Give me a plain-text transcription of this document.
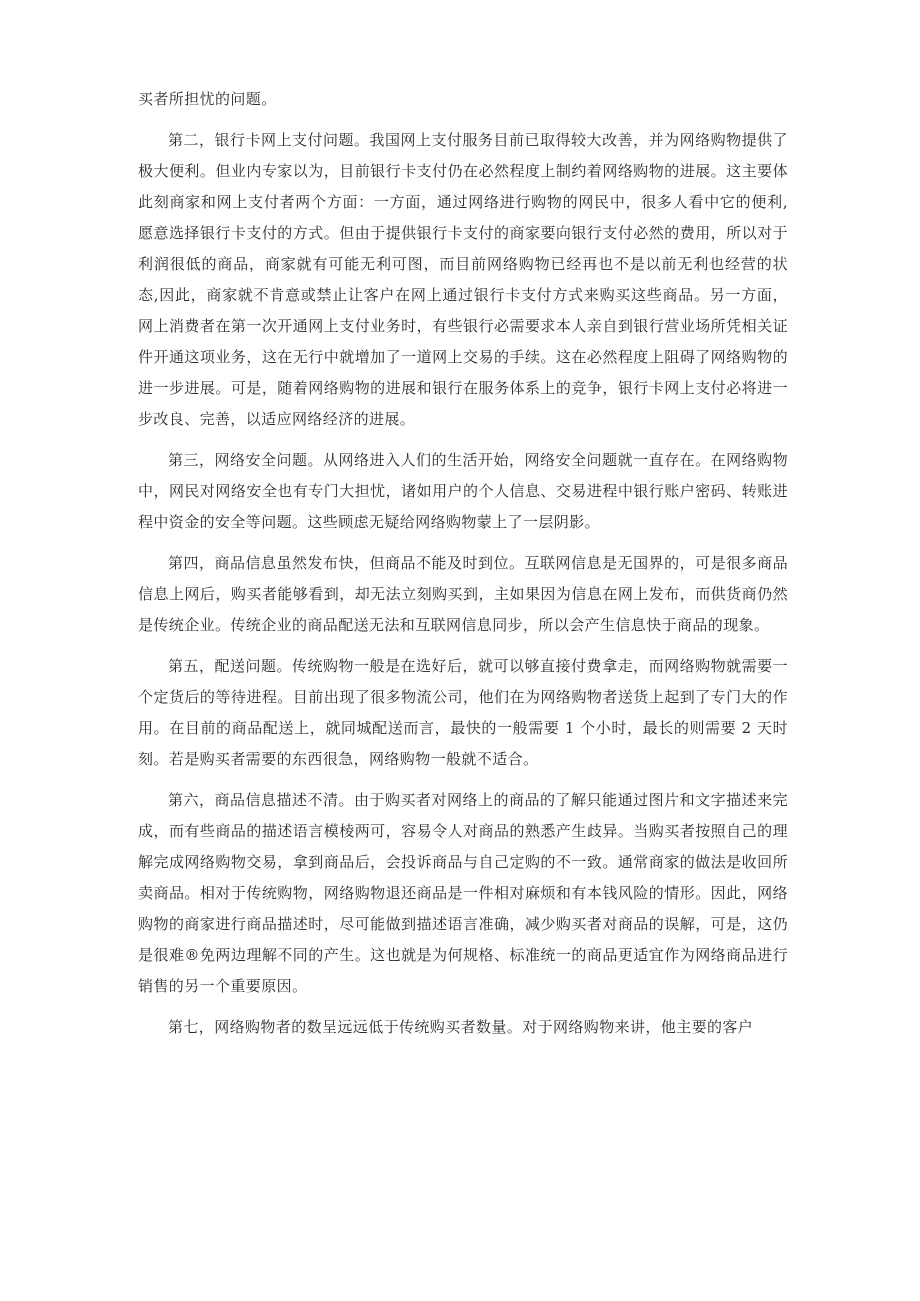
买者所担忧的问题。

第二，银行卡网上支付问题。我国网上支付服务目前已取得较大改善，并为网络购物提供了极大便利。但业内专家以为，目前银行卡支付仍在必然程度上制约着网络购物的进展。这主要体此刻商家和网上支付者两个方面：一方面，通过网络进行购物的网民中，很多人看中它的便利,愿意选择银行卡支付的方式。但由于提供银行卡支付的商家要向银行支付必然的费用，所以对于利润很低的商品，商家就有可能无利可图，而目前网络购物已经再也不是以前无利也经营的状态,因此，商家就不肯意或禁止让客户在网上通过银行卡支付方式来购买这些商品。另一方面，网上消费者在第一次开通网上支付业务时，有些银行必需要求本人亲自到银行营业场所凭相关证件开通这项业务，这在无行中就增加了一道网上交易的手续。这在必然程度上阻碍了网络购物的进一步进展。可是，随着网络购物的进展和银行在服务体系上的竞争，银行卡网上支付必将进一步改良、完善，以适应网络经济的进展。

第三，网络安全问题。从网络进入人们的生活开始，网络安全问题就一直存在。在网络购物中，网民对网络安全也有专门大担忧，诸如用户的个人信息、交易进程中银行账户密码、转账进程中资金的安全等问题。这些顾虑无疑给网络购物蒙上了一层阴影。

第四，商品信息虽然发布快，但商品不能及时到位。互联网信息是无国界的，可是很多商品信息上网后，购买者能够看到，却无法立刻购买到，主如果因为信息在网上发布，而供货商仍然是传统企业。传统企业的商品配送无法和互联网信息同步，所以会产生信息快于商品的现象。

第五，配送问题。传统购物一般是在选好后，就可以够直接付费拿走，而网络购物就需要一个定货后的等待进程。目前出现了很多物流公司，他们在为网络购物者送货上起到了专门大的作用。在目前的商品配送上，就同城配送而言，最快的一般需要 1 个小时，最长的则需要 2 天时刻。若是购买者需要的东西很急，网络购物一般就不适合。

第六，商品信息描述不清。由于购买者对网络上的商品的了解只能通过图片和文字描述来完成，而有些商品的描述语言模棱两可，容易令人对商品的熟悉产生歧异。当购买者按照自己的理解完成网络购物交易，拿到商品后，会投诉商品与自己定购的不一致。通常商家的做法是收回所卖商品。相对于传统购物，网络购物退还商品是一件相对麻烦和有本钱风险的情形。因此，网络购物的商家进行商品描述时，尽可能做到描述语言准确，减少购买者对商品的误解，可是，这仍是很难®免两边理解不同的产生。这也就是为何规格、标准统一的商品更适宜作为网络商品进行销售的另一个重要原因。

第七，网络购物者的数呈远远低于传统购买者数量。对于网络购物来讲，他主要的客户
